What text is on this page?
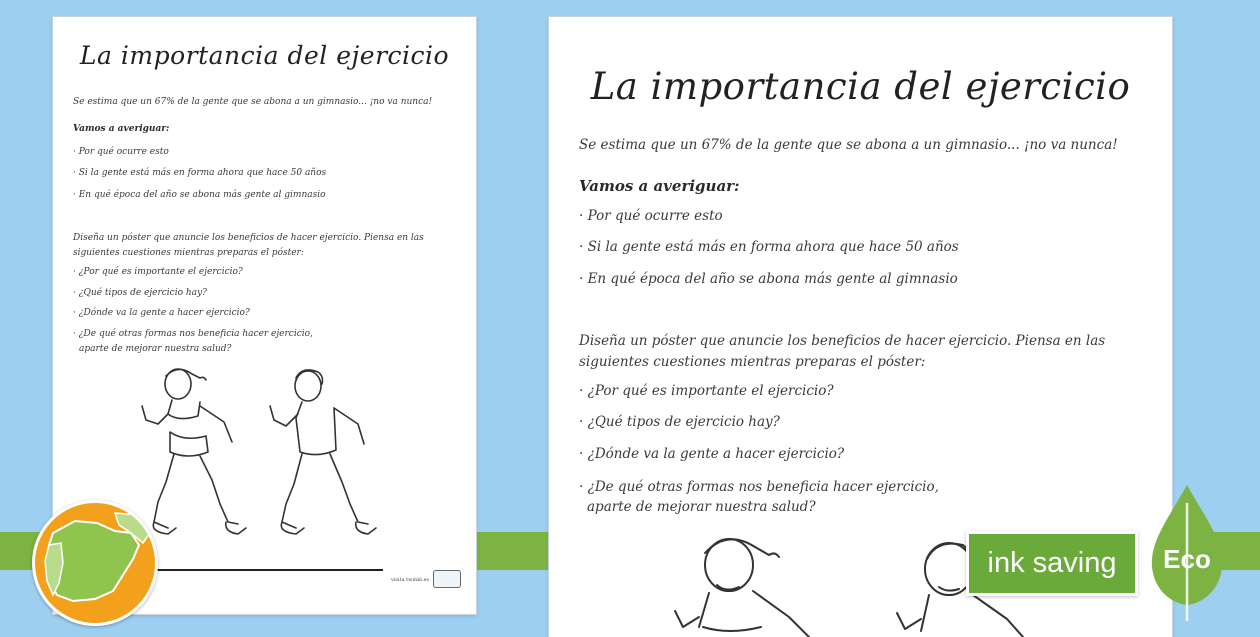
La importancia del ejercicio
Se estima que un 67% de la gente que se abona a un gimnasio... ¡no va nunca!
Vamos a averiguar:
· Por qué ocurre esto
· Si la gente está más en forma ahora que hace 50 años
· En qué época del año se abona más gente al gimnasio
Diseña un póster que anuncie los beneficios de hacer ejercicio. Piensa en las
siguientes cuestiones mientras preparas el póster:
· ¿Por qué es importante el ejercicio?
· ¿Qué tipos de ejercicio hay?
· ¿Dónde va la gente a hacer ejercicio?
· ¿De qué otras formas nos beneficia hacer ejercicio,
aparte de mejorar nuestra salud?
visita twinkl.es
La importancia del ejercicio
Se estima que un 67% de la gente que se abona a un gimnasio... ¡no va nunca!
Vamos a averiguar:
· Por qué ocurre esto
· Si la gente está más en forma ahora que hace 50 años
· En qué época del año se abona más gente al gimnasio
Diseña un póster que anuncie los beneficios de hacer ejercicio. Piensa en las
siguientes cuestiones mientras preparas el póster:
· ¿Por qué es importante el ejercicio?
· ¿Qué tipos de ejercicio hay?
· ¿Dónde va la gente a hacer ejercicio?
· ¿De qué otras formas nos beneficia hacer ejercicio,
aparte de mejorar nuestra salud?
ink saving	Eco
